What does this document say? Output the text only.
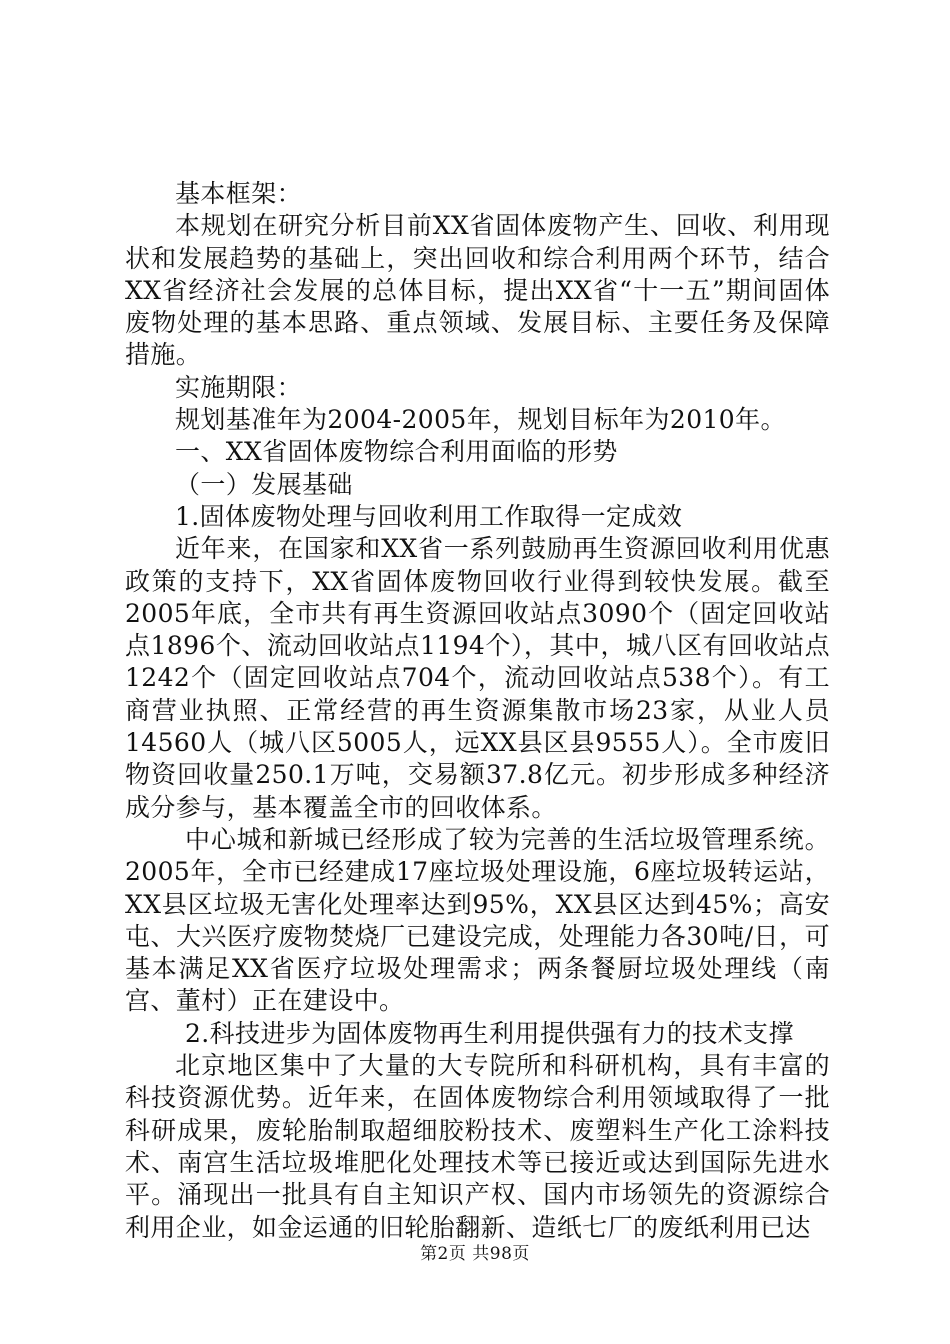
基本框架：

本规划在研究分析目前XX省固体废物产生、回收、利用现状和发展趋势的基础上，突出回收和综合利用两个环节，结合XX省经济社会发展的总体目标，提出XX省“十一五”期间固体废物处理的基本思路、重点领域、发展目标、主要任务及保障措施。

实施期限：

规划基准年为2004-2005年，规划目标年为2010年。

一、XX省固体废物综合利用面临的形势

（一）发展基础

1.固体废物处理与回收利用工作取得一定成效

近年来，在国家和XX省一系列鼓励再生资源回收利用优惠政策的支持下，XX省固体废物回收行业得到较快发展。截至2005年底，全市共有再生资源回收站点3090个（固定回收站点1896个、流动回收站点1194个），其中，城八区有回收站点1242个（固定回收站点704个，流动回收站点538个）。有工商营业执照、正常经营的再生资源集散市场23家，从业人员14560人（城八区5005人，远XX县区县9555人）。全市废旧物资回收量250.1万吨，交易额37.8亿元。初步形成多种经济成分参与，基本覆盖全市的回收体系。

中心城和新城已经形成了较为完善的生活垃圾管理系统。2005年，全市已经建成17座垃圾处理设施，6座垃圾转运站，XX县区垃圾无害化处理率达到95%，XX县区达到45%；高安屯、大兴医疗废物焚烧厂已建设完成，处理能力各30吨/日，可基本满足XX省医疗垃圾处理需求；两条餐厨垃圾处理线（南宫、董村）正在建设中。

2.科技进步为固体废物再生利用提供强有力的技术支撑

北京地区集中了大量的大专院所和科研机构，具有丰富的科技资源优势。近年来，在固体废物综合利用领域取得了一批科研成果，废轮胎制取超细胶粉技术、废塑料生产化工涂料技术、南宫生活垃圾堆肥化处理技术等已接近或达到国际先进水平。涌现出一批具有自主知识产权、国内市场领先的资源综合利用企业，如金运通的旧轮胎翻新、造纸七厂的废纸利用已达

第2页 共98页
